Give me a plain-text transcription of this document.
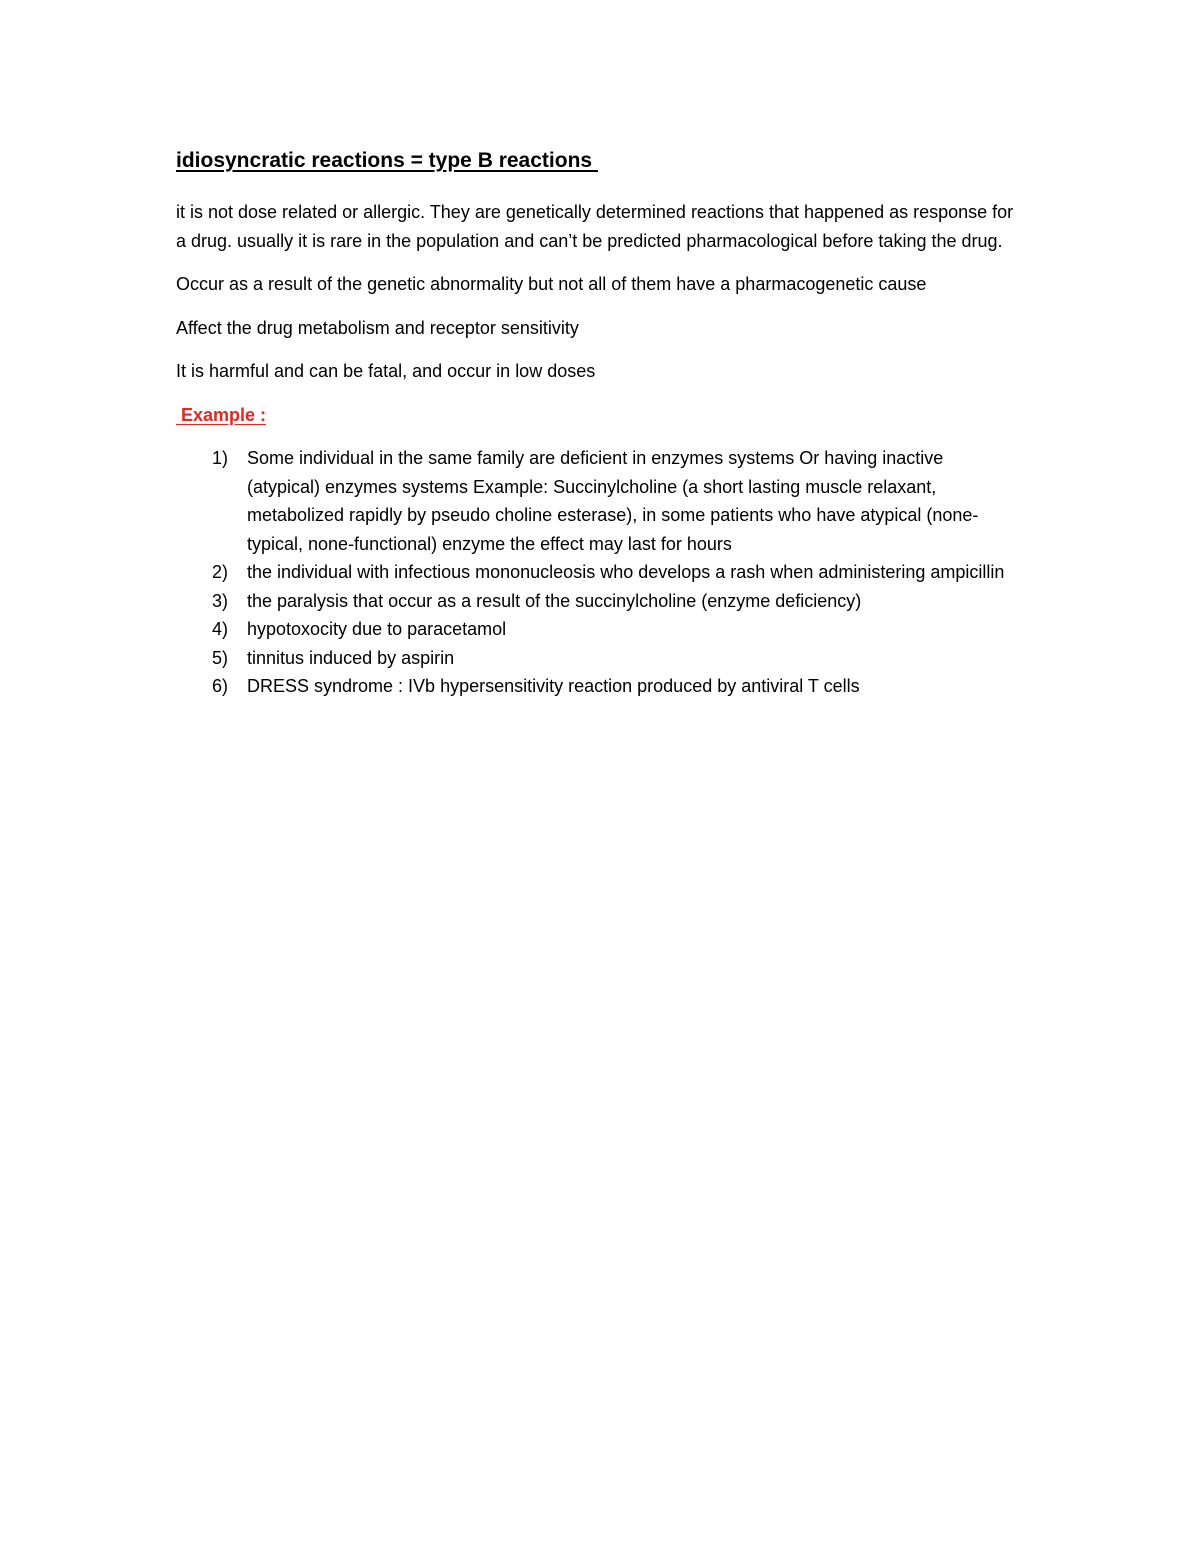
idiosyncratic reactions = type B reactions

it is not dose related or allergic. They are genetically determined reactions that happened as response for a drug. usually it is rare in the population and can’t be predicted pharmacological before taking the drug.

Occur as a result of the genetic abnormality but not all of them have a pharmacogenetic cause

Affect the drug metabolism and receptor sensitivity

It is harmful and can be fatal, and occur in low doses

Example :
1) Some individual in the same family are deficient in enzymes systems Or having inactive (atypical) enzymes systems Example: Succinylcholine (a short lasting muscle relaxant, metabolized rapidly by pseudo choline esterase), in some patients who have atypical (none-typical, none-functional) enzyme the effect may last for hours
2) the individual with infectious mononucleosis who develops a rash when administering ampicillin
3) the paralysis that occur as a result of the succinylcholine (enzyme deficiency)
4) hypotoxocity due to paracetamol
5) tinnitus induced by aspirin
6) DRESS syndrome : IVb hypersensitivity reaction produced by antiviral T cells
